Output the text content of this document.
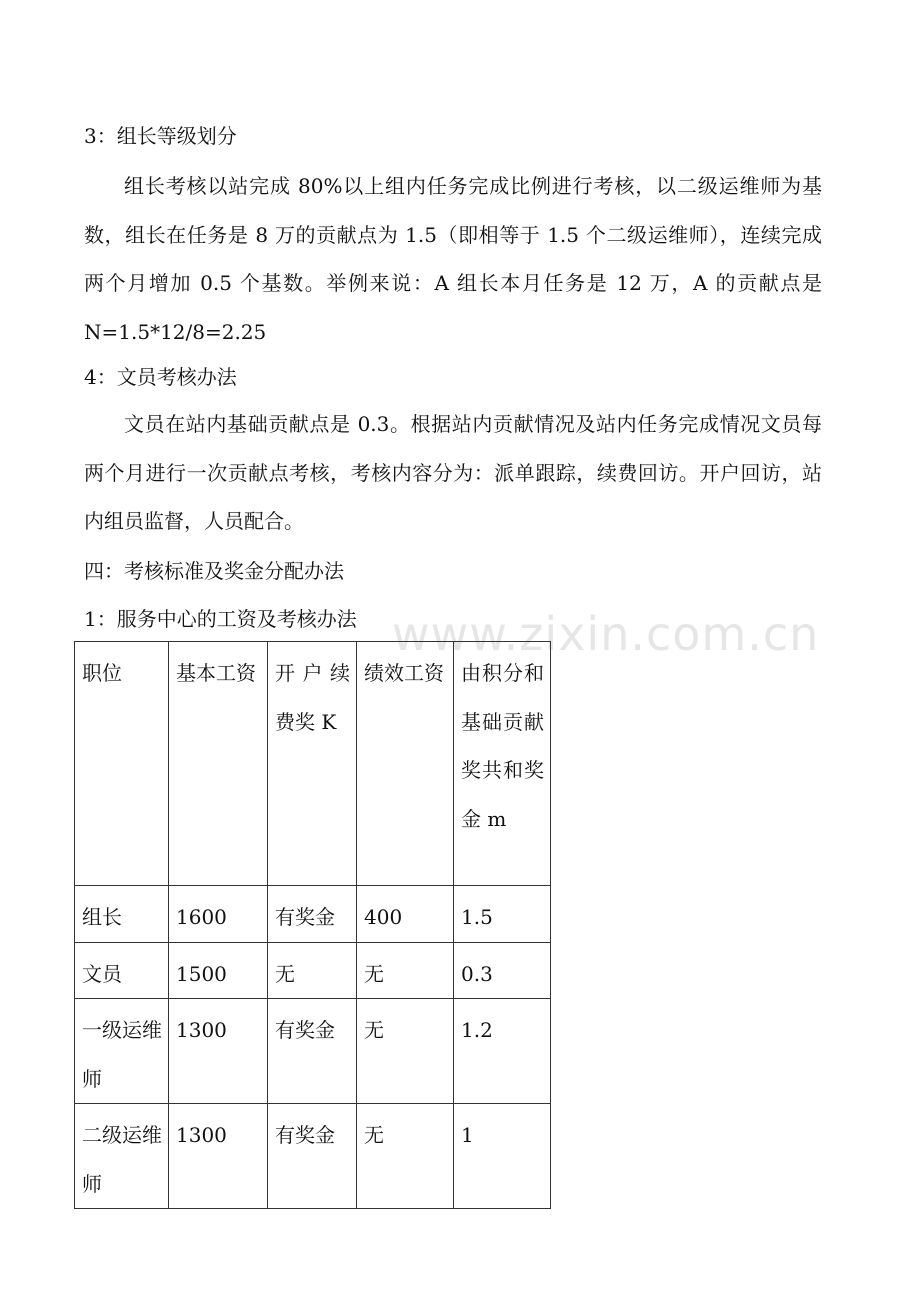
www.zixin.com.cn
3：组长等级划分
组长考核以站完成 80%以上组内任务完成比例进行考核，以二级运维师为基数，组长在任务是 8 万的贡献点为 1.5（即相等于 1.5 个二级运维师），连续完成两个月增加 0.5 个基数。举例来说：A 组长本月任务是 12 万，A 的贡献点是 N=1.5*12/8=2.25
4：文员考核办法
文员在站内基础贡献点是 0.3。根据站内贡献情况及站内任务完成情况文员每两个月进行一次贡献点考核，考核内容分为：派单跟踪，续费回访。开户回访，站内组员监督，人员配合。
四：考核标准及奖金分配办法
1：服务中心的工资及考核办法
职位	基本工资	开户续费奖 K	绩效工资	由积分和基础贡献奖共和奖金 m
组长	1600	有奖金	400	1.5
文员	1500	无	无	0.3
一级运维师	1300	有奖金	无	1.2
二级运维师	1300	有奖金	无	1
